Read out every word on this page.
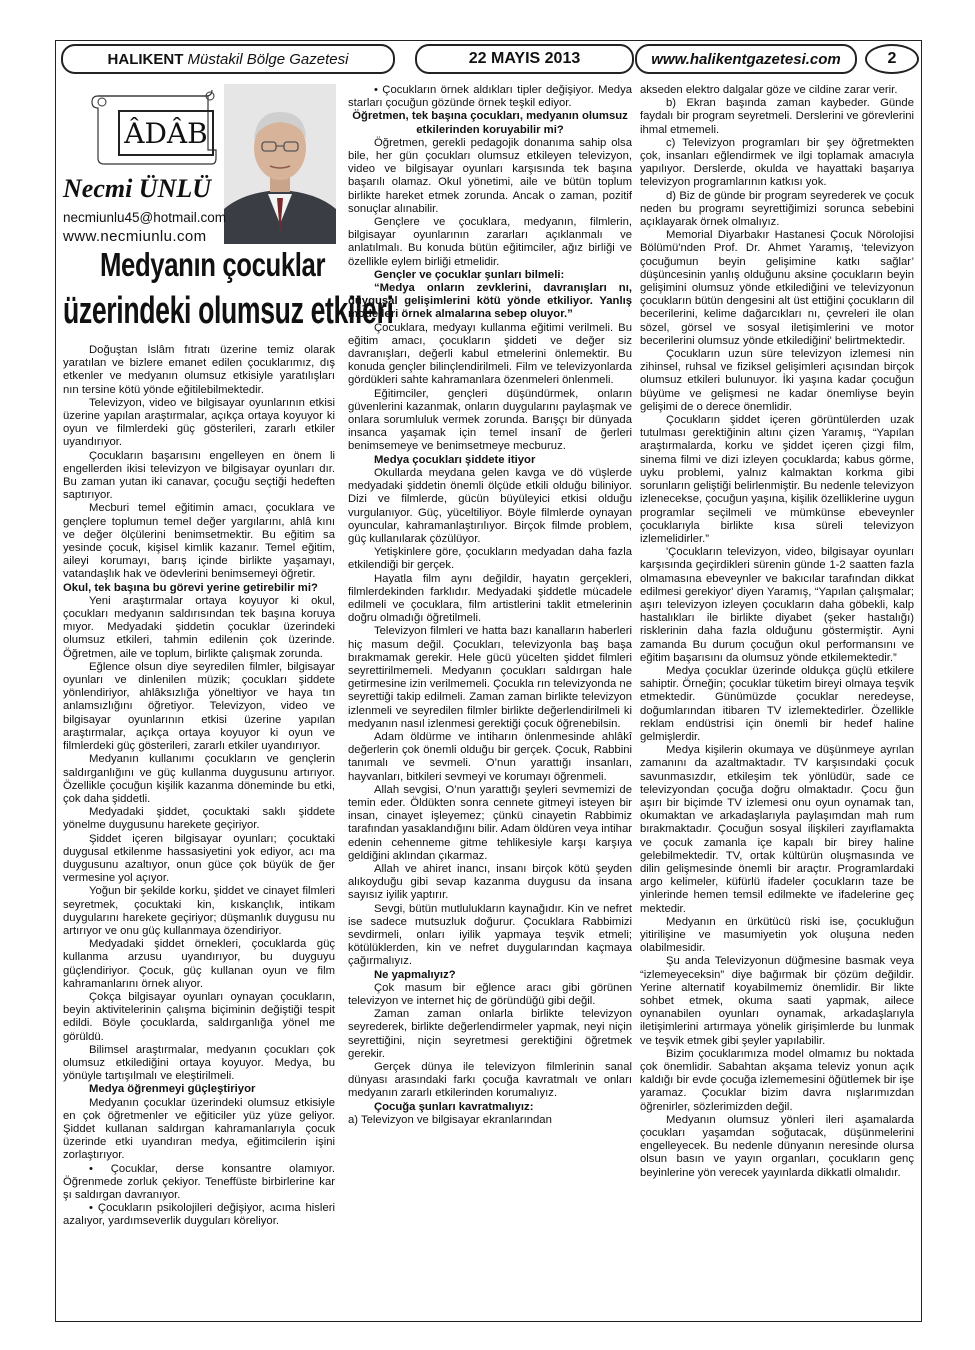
HALIKENT
Müstakil Bölge Gazetesi	22 MAYIS 2013	www.halikentgazetesi.com	2
ÂDÂB
Necmi ÜNLÜ
necmiunlu45@hotmail.com
www.necmiunlu.com
Medyanın çocuklar
üzerindeki olumsuz etkileri

Doğuştan İslâm fıtratı üzerine temiz olarak yaratılan ve bizlere emanet edilen çocuklarımız, dış etkenler ve medyanın olumsuz etkisiyle yaratılışları nın tersine kötü yönde eğitilebilmektedir.

Televizyon, video ve bilgisayar oyunlarının etkisi üzerine yapılan araştırmalar, açıkça ortaya koyuyor ki oyun ve filmlerdeki güç gösterileri, zararlı etkiler uyandırıyor.

Çocukların başarısını engelleyen en önem li engellerden ikisi televizyon ve bilgisayar oyunları dır. Bu zaman yutan iki canavar, çocuğu seçtiği hedeften saptırıyor.

Mecburi temel eğitimin amacı, çocuklara ve gençlere toplumun temel değer yargılarını, ahlâ kını ve değer ölçülerini benimsetmektir. Bu eğitim sa yesinde çocuk, kişisel kimlik kazanır. Temel eğitim, aileyi korumayı, barış içinde birlikte yaşamayı, vatandaşlık hak ve ödevlerini benimsemeyi öğretir.

Okul, tek başına bu görevi yerine getirebilir mi?

Yeni araştırmalar ortaya koyuyor ki okul, çocukları medyanın saldırısından tek başına koruya mıyor. Medyadaki şiddetin çocuklar üzerindeki olumsuz etkileri, tahmin edilenin çok üzerinde. Öğretmen, aile ve toplum, birlikte çalışmak zorunda.

Eğlence olsun diye seyredilen filmler, bilgisayar oyunları ve dinlenilen müzik; çocukları şiddete yönlendiriyor, ahlâksızlığa yöneltiyor ve haya tın anlamsızlığını öğretiyor. Televizyon, video ve bilgisayar oyunlarının etkisi üzerine yapılan araştırmalar, açıkça ortaya koyuyor ki oyun ve filmlerdeki güç gösterileri, zararlı etkiler uyandırıyor.

Medyanın kullanımı çocukların ve gençlerin saldırganlığını ve güç kullanma duygusunu artırıyor. Özellikle çocuğun kişilik kazanma döneminde bu etki, çok daha şiddetli.

Medyadaki şiddet, çocuktaki saklı şiddete yönelme duygusunu harekete geçiriyor.

Şiddet içeren bilgisayar oyunları; çocuktaki duygusal etkilenme hassasiyetini yok ediyor, acı ma duygusunu azaltıyor, onun güce çok büyük de ğer vermesine yol açıyor.

Yoğun bir şekilde korku, şiddet ve cinayet filmleri seyretmek, çocuktaki kin, kıskançlık, intikam duygularını harekete geçiriyor; düşmanlık duygusu nu artırıyor ve onu güç kullanmaya özendiriyor.

Medyadaki şiddet örnekleri, çocuklarda güç kullanma arzusu uyandırıyor, bu duyguyu güçlendiriyor. Çocuk, güç kullanan oyun ve film kahramanlarını örnek alıyor.

Çokça bilgisayar oyunları oynayan çocukların, beyin aktivitelerinin çalışma biçiminin değiştiği tespit edildi. Böyle çocuklarda, saldırganlığa yönel me görüldü.

Bilimsel araştırmalar, medyanın çocukları çok olumsuz etkilediğini ortaya koyuyor. Medya, bu yönüyle tartışılmalı ve eleştirilmeli.

Medya öğrenmeyi güçleştiriyor

Medyanın çocuklar üzerindeki olumsuz etkisiyle en çok öğretmenler ve eğiticiler yüz yüze geliyor. Şiddet kullanan saldırgan kahramanlarıyla çocuk üzerinde etki uyandıran medya, eğitimcilerin işini zorlaştırıyor.

• Çocuklar, derse konsantre olamıyor. Öğrenmede zorluk çekiyor. Teneffüste birbirlerine kar şı saldırgan davranıyor.

• Çocukların psikolojileri değişiyor, acıma hisleri azalıyor, yardımseverlik duyguları köreliyor.

• Çocukların örnek aldıkları tipler değişiyor. Medya starları çocuğun gözünde örnek teşkil ediyor.

Öğretmen, tek başına çocukları, medyanın olumsuz etkilerinden koruyabilir mi?

Öğretmen, gerekli pedagojik donanıma sahip olsa bile, her gün çocukları olumsuz etkileyen televizyon, video ve bilgisayar oyunları karşısında tek başına başarılı olamaz. Okul yönetimi, aile ve bütün toplum birlikte hareket etmek zorunda. Ancak o zaman, pozitif sonuçlar alınabilir.

Gençlere ve çocuklara, medyanın, filmlerin, bilgisayar oyunlarının zararları açıklanmalı ve anlatılmalı. Bu konuda bütün eğitimciler, ağız birliği ve özellikle eylem birliği etmelidir.

Gençler ve çocuklar şunları bilmeli:

“Medya onların zevklerini, davranışları nı, duygusal gelişimlerini kötü yönde etkiliyor. Yanlış modelleri örnek almalarına sebep oluyor.”

Çocuklara, medyayı kullanma eğitimi verilmeli. Bu eğitim amacı, çocukların şiddeti ve değer siz davranışları, değerli kabul etmelerini önlemektir. Bu konuda gençler bilinçlendirilmeli. Film ve televizyonlarda gördükleri sahte kahramanlara özenmeleri önlenmeli.

Eğitimciler, gençleri düşündürmek, onların güvenlerini kazanmak, onların duygularını paylaşmak ve onlara sorumluluk vermek zorunda. Barışçı bir dünyada insanca yaşamak için temel insanî de ğerleri benimsemeye ve benimsetmeye mecburuz.

Medya çocukları şiddete itiyor

Okullarda meydana gelen kavga ve dö vüşlerde medyadaki şiddetin önemli ölçüde etkili olduğu biliniyor. Dizi ve filmlerde, gücün büyüleyici etkisi olduğu vurgulanıyor. Güç, yüceltiliyor. Böyle filmlerde oynayan oyuncular, kahramanlaştırılıyor. Birçok filmde problem, güç kullanılarak çözülüyor.

Yetişkinlere göre, çocukların medyadan daha fazla etkilendiği bir gerçek.

Hayatla film aynı değildir, hayatın gerçekleri, filmlerdekinden farklıdır. Medyadaki şiddetle mücadele edilmeli ve çocuklara, film artistlerini taklit etmelerinin doğru olmadığı öğretilmeli.

Televizyon filmleri ve hatta bazı kanalların haberleri hiç masum değil. Çocukları, televizyonla baş başa bırakmamak gerekir. Hele gücü yücelten şiddet filmleri seyrettirilmemeli. Medyanın çocukları saldırgan hale getirmesine izin verilmemeli. Çocukla rın televizyonda ne seyrettiği takip edilmeli. Zaman zaman birlikte televizyon izlenmeli ve seyredilen filmler birlikte değerlendirilmeli ki medyanın nasıl izlenmesi gerektiği çocuk öğrenebilsin.

Adam öldürme ve intiharın önlenmesinde ahlâkî değerlerin çok önemli olduğu bir gerçek. Çocuk, Rabbini tanımalı ve sevmeli. O’nun yarattığı insanları, hayvanları, bitkileri sevmeyi ve korumayı öğrenmeli.

Allah sevgisi, O’nun yarattığı şeyleri sevmemizi de temin eder. Öldükten sonra cennete gitmeyi isteyen bir insan, cinayet işleyemez; çünkü cinayetin Rabbimiz tarafından yasaklandığını bilir. Adam öldüren veya intihar edenin cehenneme gitme tehlikesiyle karşı karşıya geldiğini aklından çıkarmaz.

Allah ve ahiret inancı, insanı birçok kötü şeyden alıkoyduğu gibi sevap kazanma duygusu da insana sayısız iyilik yaptırır.

Sevgi, bütün mutlulukların kaynağıdır. Kin ve nefret ise sadece mutsuzluk doğurur. Çocuklara Rabbimizi sevdirmeli, onları iyilik yapmaya teşvik etmeli; kötülüklerden, kin ve nefret duygularından kaçmaya çağırmalıyız.

Ne yapmalıyız?

Çok masum bir eğlence aracı gibi görünen televizyon ve internet hiç de göründüğü gibi değil.

Zaman zaman onlarla birlikte televizyon seyrederek, birlikte değerlendirmeler yapmak, neyi niçin seyrettiğini, niçin seyretmesi gerektiğini öğretmek gerekir.

Gerçek dünya ile televizyon filmlerinin sanal dünyası arasındaki farkı çocuğa kavratmalı ve onları medyanın zararlı etkilerinden korumalıyız.

Çocuğa şunları kavratmalıyız:

a) Televizyon ve bilgisayar ekranlarından

akseden elektro dalgalar göze ve cildine zarar verir.

b) Ekran başında zaman kaybeder. Günde faydalı bir program seyretmeli. Derslerini ve görevlerini ihmal etmemeli.

c) Televizyon programları bir şey öğretmekten çok, insanları eğlendirmek ve ilgi toplamak amacıyla yapılıyor. Derslerde, okulda ve hayattaki başarıya televizyon programlarının katkısı yok.

d) Biz de günde bir program seyrederek ve çocuk neden bu programı seyrettiğimizi sorunca sebebini açıklayarak örnek olmalıyız.

Memorial Diyarbakır Hastanesi Çocuk Nörolojisi Bölümü'nden Prof. Dr. Ahmet Yaramış, ‘televizyon çocuğumun beyin gelişimine katkı sağlar’ düşüncesinin yanlış olduğunu aksine çocukların beyin gelişimini olumsuz yönde etkilediğini ve televizyonun çocukların bütün dengesini alt üst ettiğini çocukların dil becerilerini, kelime dağarcıkları nı, çevreleri ile olan sözel, görsel ve sosyal iletişimlerini ve motor becerilerini olumsuz yönde etkilediğini' belirtmektedir.

Çocukların uzun süre televizyon izlemesi nin zihinsel, ruhsal ve fiziksel gelişimleri açısından birçok olumsuz etkileri bulunuyor. İki yaşına kadar çocuğun büyüme ve gelişmesi ne kadar önemliyse beyin gelişimi de o derece önemlidir.

Çocukların şiddet içeren görüntülerden uzak tutulması gerektiğinin altını çizen Yaramış, “Yapılan araştırmalarda, korku ve şiddet içeren çizgi film, sinema filmi ve dizi izleyen çocuklarda; kabus görme, uyku problemi, yalnız kalmaktan korkma gibi sorunların geliştiği belirlenmiştir. Bu nedenle televizyon izlenecekse, çocuğun yaşına, kişilik özelliklerine uygun programlar seçilmeli ve mümkünse ebeveynler çocuklarıyla birlikte kısa süreli televizyon izlemelidirler.”

'Çocukların televizyon, video, bilgisayar oyunları karşısında geçirdikleri sürenin günde 1-2 saatten fazla olmamasına ebeveynler ve bakıcılar tarafından dikkat edilmesi gerekiyor' diyen Yaramış, “Yapılan çalışmalar; aşırı televizyon izleyen çocukların daha göbekli, kalp hastalıkları ile birlikte diyabet (şeker hastalığı) risklerinin daha fazla olduğunu göstermiştir. Ayni zamanda Bu durum çocuğun okul performansını ve eğitim başarısını da olumsuz yönde etkilemektedir.”

Medya çocuklar üzerinde oldukça güçlü etkilere sahiptir. Örneğin; çocuklar tüketim bireyi olmaya teşvik etmektedir. Günümüzde çocuklar neredeyse, doğumlarından itibaren TV izlemektedirler. Özellikle reklam endüstrisi için önemli bir hedef haline gelmişlerdir.

Medya kişilerin okumaya ve düşünmeye ayrılan zamanını da azaltmaktadır. TV karşısındaki çocuk savunmasızdır, etkileşim tek yönlüdür, sade ce televizyondan çocuğa doğru olmaktadır. Çocu ğun aşırı bir biçimde TV izlemesi onu oyun oynamak tan, okumaktan ve arkadaşlarıyla paylaşımdan mah rum bırakmaktadır. Çocuğun sosyal ilişkileri zayıflamakta ve çocuk zamanla içe kapalı bir birey haline gelebilmektedir. TV, ortak kültürün oluşmasında ve dilin gelişmesinde önemli bir araçtır. Programlardaki argo kelimeler, küfürlü ifadeler çocukların taze be yinlerinde hemen temsil edilmekte ve ifadelerine geç mektedir.

Medyanın en ürkütücü riski ise, çocukluğun yitirilişine ve masumiyetin yok oluşuna neden olabilmesidir.

Şu anda Televizyonun düğmesine basmak veya “izlemeyeceksin” diye bağırmak bir çözüm değildir. Yerine alternatif koyabilmemiz önemlidir. Bir likte sohbet etmek, okuma saati yapmak, ailece oynanabilen oyunları oynamak, arkadaşlarıyla iletişimlerini artırmaya yönelik girişimlerde bu lunmak ve teşvik etmek gibi şeyler yapılabilir.

Bizim çocuklarımıza model olmamız bu noktada çok önemlidir. Sabahtan akşama televiz yonun açık kaldığı bir evde çocuğa izlememesini öğütlemek bir işe yaramaz. Çocuklar bizim davra nışlarımızdan öğrenirler, sözlerimizden değil.

Medyanın olumsuz yönleri ileri aşamalarda çocukları yaşamdan soğutacak, düşünmelerini engelleyecek. Bu nedenle dünyanın neresinde olursa olsun basın ve yayın organları, çocukların genç beyinlerine yön verecek yayınlarda dikkatli olmalıdır.
